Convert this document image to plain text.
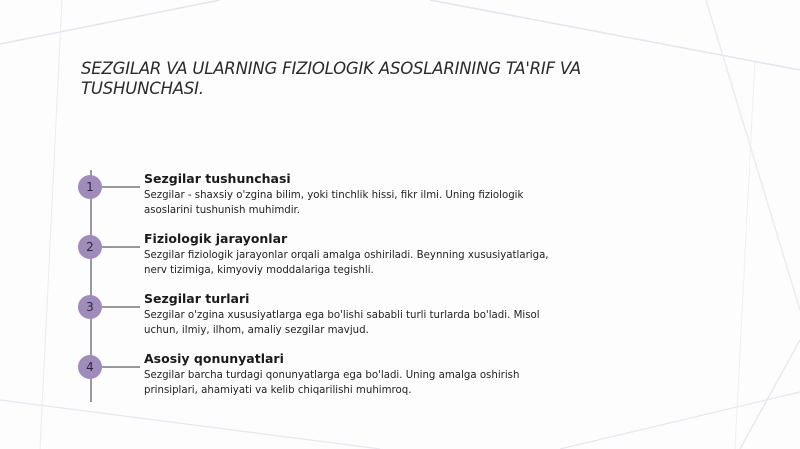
SEZGILAR VA ULARNING FIZIOLOGIK ASOSLARINING TA'RIF VA TUSHUNCHASI.
1
Sezgilar tushunchasi
Sezgilar - shaxsiy o'zgina bilim, yoki tinchlik hissi, fikr ilmi. Uning fiziologik asoslarini tushunish muhimdir.
2
Fiziologik jarayonlar
Sezgilar fiziologik jarayonlar orqali amalga oshiriladi. Beynning xususiyatlariga, nerv tizimiga, kimyoviy moddalariga tegishli.
3
Sezgilar turlari
Sezgilar o'zgina xususiyatlarga ega bo'lishi sababli turli turlarda bo'ladi. Misol uchun, ilmiy, ilhom, amaliy sezgilar mavjud.
4
Asosiy qonunyatlari
Sezgilar barcha turdagi qonunyatlarga ega bo'ladi. Uning amalga oshirish prinsiplari, ahamiyati va kelib chiqarilishi muhimroq.
